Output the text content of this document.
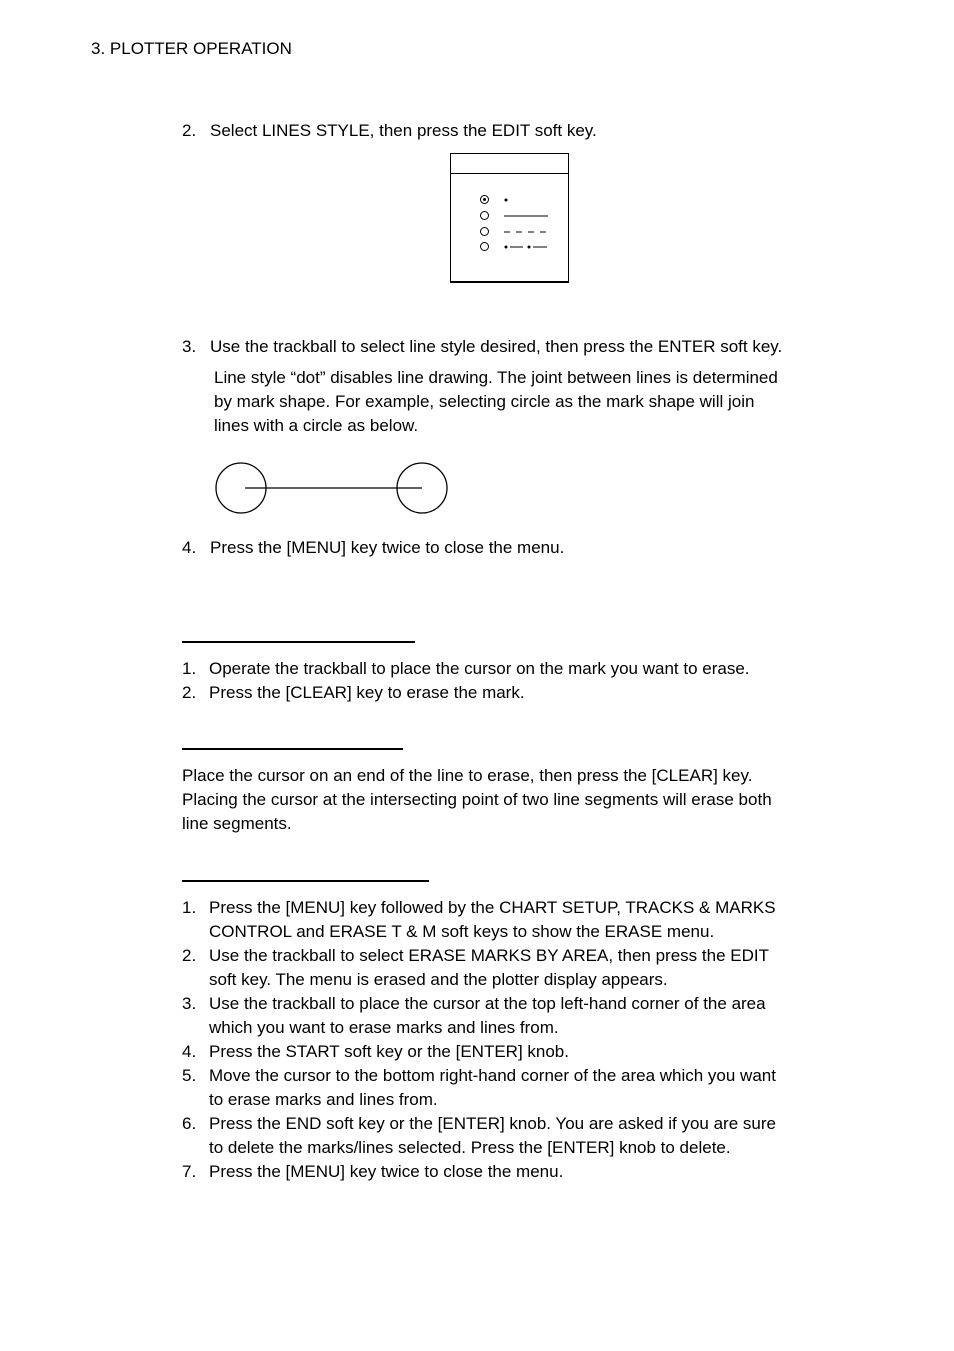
3. PLOTTER OPERATION
2. Select LINES STYLE, then press the EDIT soft key.
3. Use the trackball to select line style desired, then press the ENTER soft key.
Line style “dot” disables line drawing. The joint between lines is determined
by mark shape. For example, selecting circle as the mark shape will join
lines with a circle as below.
4. Press the [MENU] key twice to close the menu.
1. Operate the trackball to place the cursor on the mark you want to erase.
2. Press the [CLEAR] key to erase the mark.
Place the cursor on an end of the line to erase, then press the [CLEAR] key.
Placing the cursor at the intersecting point of two line segments will erase both
line segments.
1. Press the [MENU] key followed by the CHART SETUP, TRACKS & MARKS
CONTROL and ERASE T & M soft keys to show the ERASE menu.
2. Use the trackball to select ERASE MARKS BY AREA, then press the EDIT
soft key. The menu is erased and the plotter display appears.
3. Use the trackball to place the cursor at the top left-hand corner of the area
which you want to erase marks and lines from.
4. Press the START soft key or the [ENTER] knob.
5. Move the cursor to the bottom right-hand corner of the area which you want
to erase marks and lines from.
6. Press the END soft key or the [ENTER] knob. You are asked if you are sure
to delete the marks/lines selected. Press the [ENTER] knob to delete.
7. Press the [MENU] key twice to close the menu.
